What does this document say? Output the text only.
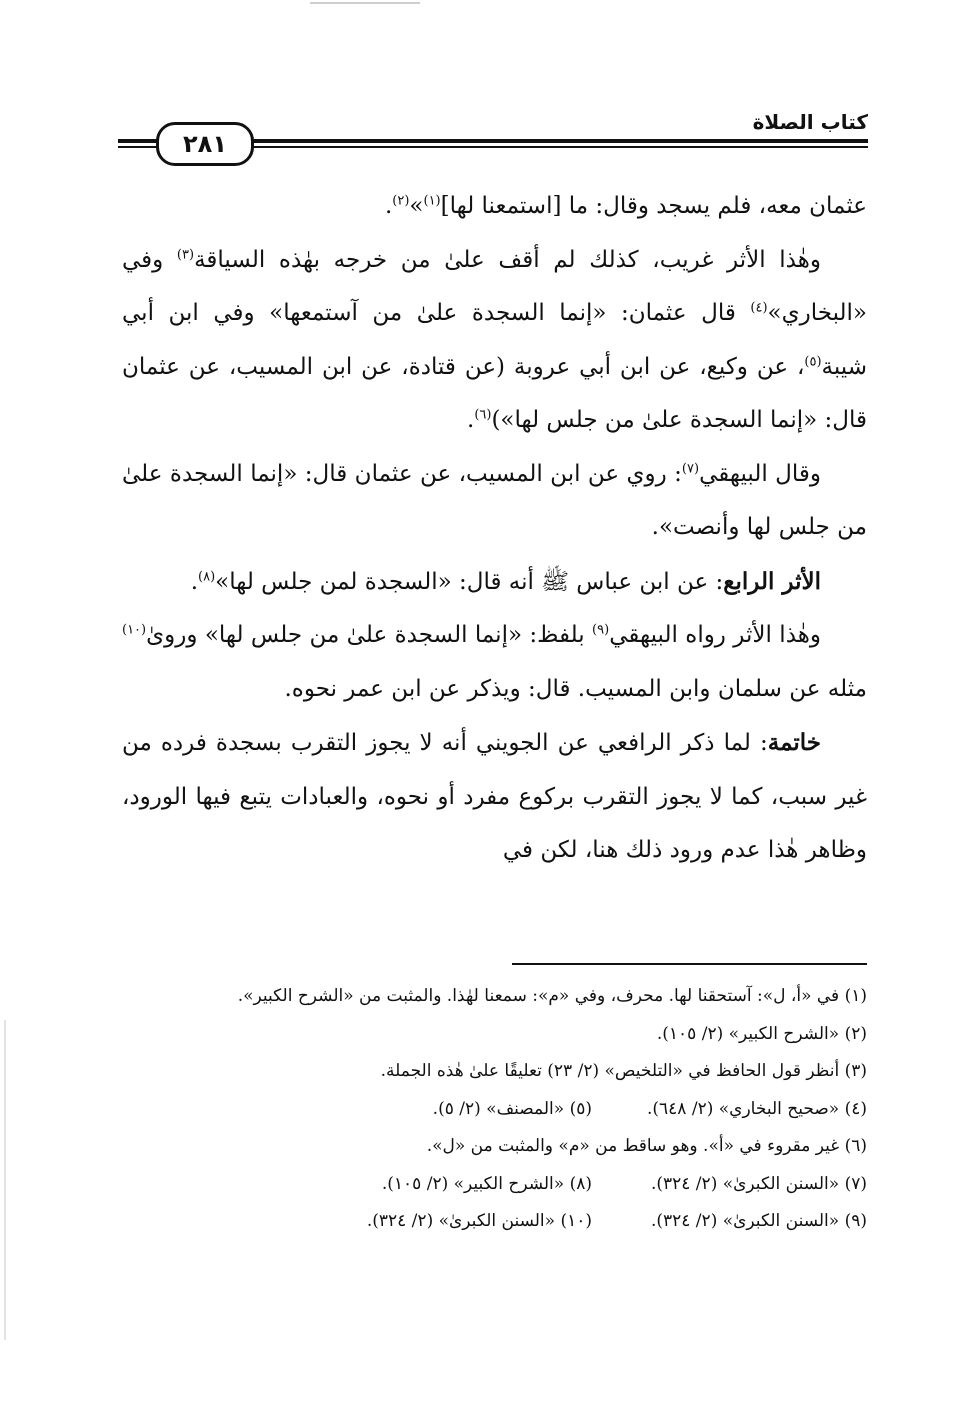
كتاب الصلاة
٢٨١

عثمان معه، فلم يسجد وقال: ما [استمعنا لها]$^{(١)}$»$^{(٢)}$.

وهٰذا الأثر غريب، كذلك لم أقف علىٰ من خرجه بهٰذه السياقة$^{(٣)}$ وفي «البخاري»$^{(٤)}$ قال عثمان: «إنما السجدة علىٰ من آستمعها» وفي ابن أبي شيبة$^{(٥)}$، عن وكيع، عن ابن أبي عروبة (عن قتادة، عن ابن المسيب، عن عثمان قال: «إنما السجدة علىٰ من جلس لها»)$^{(٦)}$.

وقال البيهقي$^{(٧)}$: روي عن ابن المسيب، عن عثمان قال: «إنما السجدة علىٰ من جلس لها وأنصت».

الأثر الرابع: عن ابن عباس ﷺ أنه قال: «السجدة لمن جلس لها»$^{(٨)}$.

وهٰذا الأثر رواه البيهقي$^{(٩)}$ بلفظ: «إنما السجدة علىٰ من جلس لها» وروىٰ$^{(١٠)}$ مثله عن سلمان وابن المسيب. قال: ويذكر عن ابن عمر نحوه.

خاتمة: لما ذكر الرافعي عن الجويني أنه لا يجوز التقرب بسجدة فرده من غير سبب، كما لا يجوز التقرب بركوع مفرد أو نحوه، والعبادات يتبع فيها الورود، وظاهر هٰذا عدم ورود ذلك هنا، لكن في

(١) في «أ، ل»: آستحقنا لها. محرف، وفي «م»: سمعنا لهٰذا. والمثبت من «الشرح الكبير».
(٢) «الشرح الكبير» (٢/ ١٠٥).
(٣) أنظر قول الحافظ في «التلخيص» (٢/ ٢٣) تعليقًا علىٰ هٰذه الجملة.
(٤) «صحيح البخاري» (٢/ ٦٤٨).
(٥) «المصنف» (٢/ ٥).
(٦) غير مقروء في «أ». وهو ساقط من «م» والمثبت من «ل».
(٧) «السنن الكبرىٰ» (٢/ ٣٢٤).
(٨) «الشرح الكبير» (٢/ ١٠٥).
(٩) «السنن الكبرىٰ» (٢/ ٣٢٤).
(١٠) «السنن الكبرىٰ» (٢/ ٣٢٤).
